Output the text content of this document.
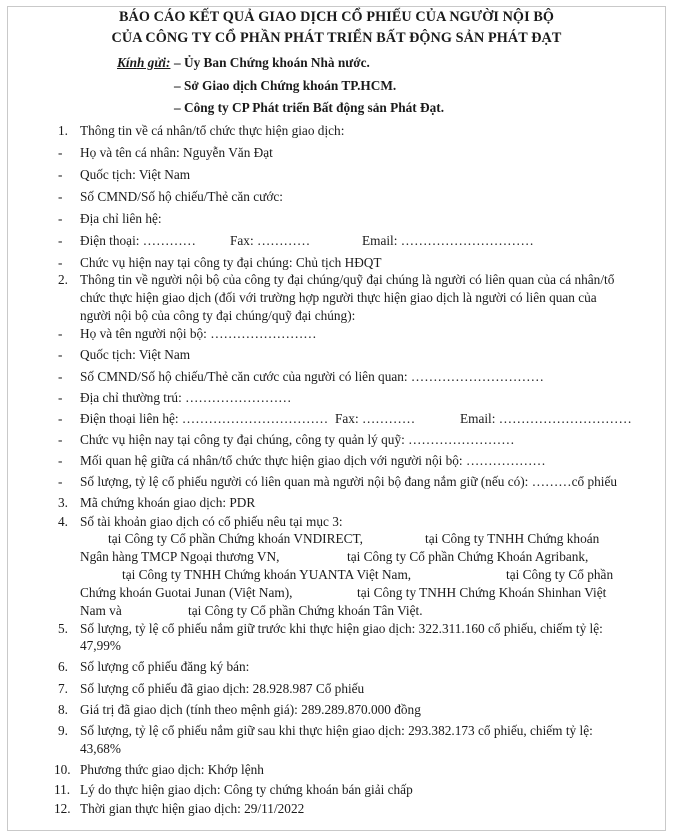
BÁO CÁO KẾT QUẢ GIAO DỊCH CỔ PHIẾU CỦA NGƯỜI NỘI BỘ
CỦA CÔNG TY CỔ PHẦN PHÁT TRIỂN BẤT ĐỘNG SẢN PHÁT ĐẠT
Kính gửi: – Ủy Ban Chứng khoán Nhà nước.
– Sở Giao dịch Chứng khoán TP.HCM.
– Công ty CP Phát triển Bất động sản Phát Đạt.
1. Thông tin về cá nhân/tổ chức thực hiện giao dịch:
- Họ và tên cá nhân: Nguyễn Văn Đạt
- Quốc tịch: Việt Nam
- Số CMND/Số hộ chiếu/Thẻ căn cước:
- Địa chỉ liên hệ:
- Điện thoại: …………	Fax: …………	Email: …………………………
- Chức vụ hiện nay tại công ty đại chúng: Chủ tịch HĐQT
2. Thông tin về người nội bộ của công ty đại chúng/quỹ đại chúng là người có liên quan của cá nhân/tổ
chức thực hiện giao dịch (đối với trường hợp người thực hiện giao dịch là người có liên quan của
người nội bộ của công ty đại chúng/quỹ đại chúng):
- Họ và tên người nội bộ: ……………………
- Quốc tịch: Việt Nam
- Số CMND/Số hộ chiếu/Thẻ căn cước của người có liên quan: …………………………
- Địa chỉ thường trú: ……………………
- Điện thoại liên hệ: …………………………… Fax: …………	Email: …………………………
- Chức vụ hiện nay tại công ty đại chúng, công ty quản lý quỹ: ……………………
- Mối quan hệ giữa cá nhân/tổ chức thực hiện giao dịch với người nội bộ: ………………
- Số lượng, tỷ lệ cổ phiếu người có liên quan mà người nội bộ đang nắm giữ (nếu có): ………cổ phiếu
3. Mã chứng khoán giao dịch: PDR
4. Số tài khoản giao dịch có cổ phiếu nêu tại mục 3:
tại Công ty Cổ phần Chứng khoán VNDIRECT,	tại Công ty TNHH Chứng khoán
Ngân hàng TMCP Ngoại thương VN,	tại Công ty Cổ phần Chứng Khoán Agribank,
tại Công ty TNHH Chứng khoán YUANTA Việt Nam,	tại Công ty Cổ phần
Chứng khoán Guotai Junan (Việt Nam),	tại Công ty TNHH Chứng Khoán Shinhan Việt
Nam và	tại Công ty Cổ phần Chứng khoán Tân Việt.
5. Số lượng, tỷ lệ cổ phiếu nắm giữ trước khi thực hiện giao dịch: 322.311.160 cổ phiếu, chiếm tỷ lệ:
47,99%
6. Số lượng cổ phiếu đăng ký bán:
7. Số lượng cổ phiếu đã giao dịch: 28.928.987 Cổ phiếu
8. Giá trị đã giao dịch (tính theo mệnh giá): 289.289.870.000 đồng
9. Số lượng, tỷ lệ cổ phiếu nắm giữ sau khi thực hiện giao dịch: 293.382.173 cổ phiếu, chiếm tỷ lệ:
43,68%
10. Phương thức giao dịch: Khớp lệnh
11. Lý do thực hiện giao dịch: Công ty chứng khoán bán giải chấp
12. Thời gian thực hiện giao dịch: 29/11/2022
